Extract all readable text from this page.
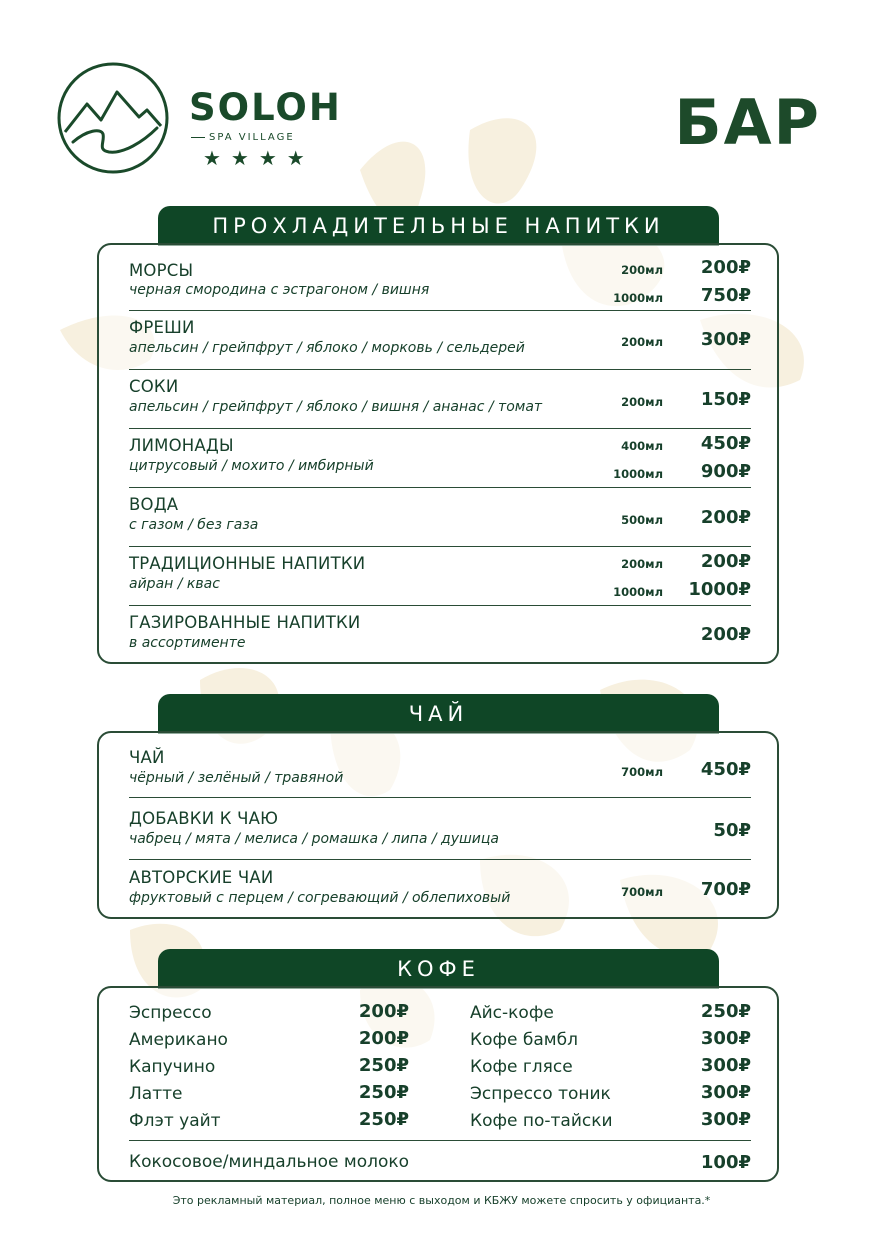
SOLOH
SPA VILLAGE
★★★★	БАР
ПРОХЛАДИТЕЛЬНЫЕ НАПИТКИ
МОРСЫ
черная смородина с эстрагоном / вишня
200мл 200₽
1000мл 750₽
ФРЕШИ
апельсин / грейпфрут / яблоко / морковь / сельдерей	200мл 300₽
СОКИ
апельсин / грейпфрут / яблоко / вишня / ананас / томат	200мл 150₽
ЛИМОНАДЫ
цитрусовый / мохито / имбирный
400мл 450₽
1000мл 900₽
ВОДА
с газом / без газа	500мл 200₽
ТРАДИЦИОННЫЕ НАПИТКИ
айран / квас
200мл 200₽
1000мл 1000₽
ГАЗИРОВАННЫЕ НАПИТКИ
в ассортименте	200₽
ЧАЙ
ЧАЙ
чёрный / зелёный / травяной	700мл 450₽
ДОБАВКИ К ЧАЮ
чабрец / мята / мелиса / ромашка / липа / душица	50₽
АВТОРСКИЕ ЧАИ
фруктовый с перцем / согревающий / облепиховый	700мл 700₽
КОФЕ
Эспрессо	200₽
Американо	200₽
Капучино	250₽
Латте	250₽
Флэт уайт	250₽
Айс-кофе	250₽
Кофе бамбл	300₽
Кофе глясе	300₽
Эспрессо тоник	300₽
Кофе по-тайски	300₽
Кокосовое/миндальное молоко	100₽
Это рекламный материал, полное меню с выходом и КБЖУ можете спросить у официанта.*
